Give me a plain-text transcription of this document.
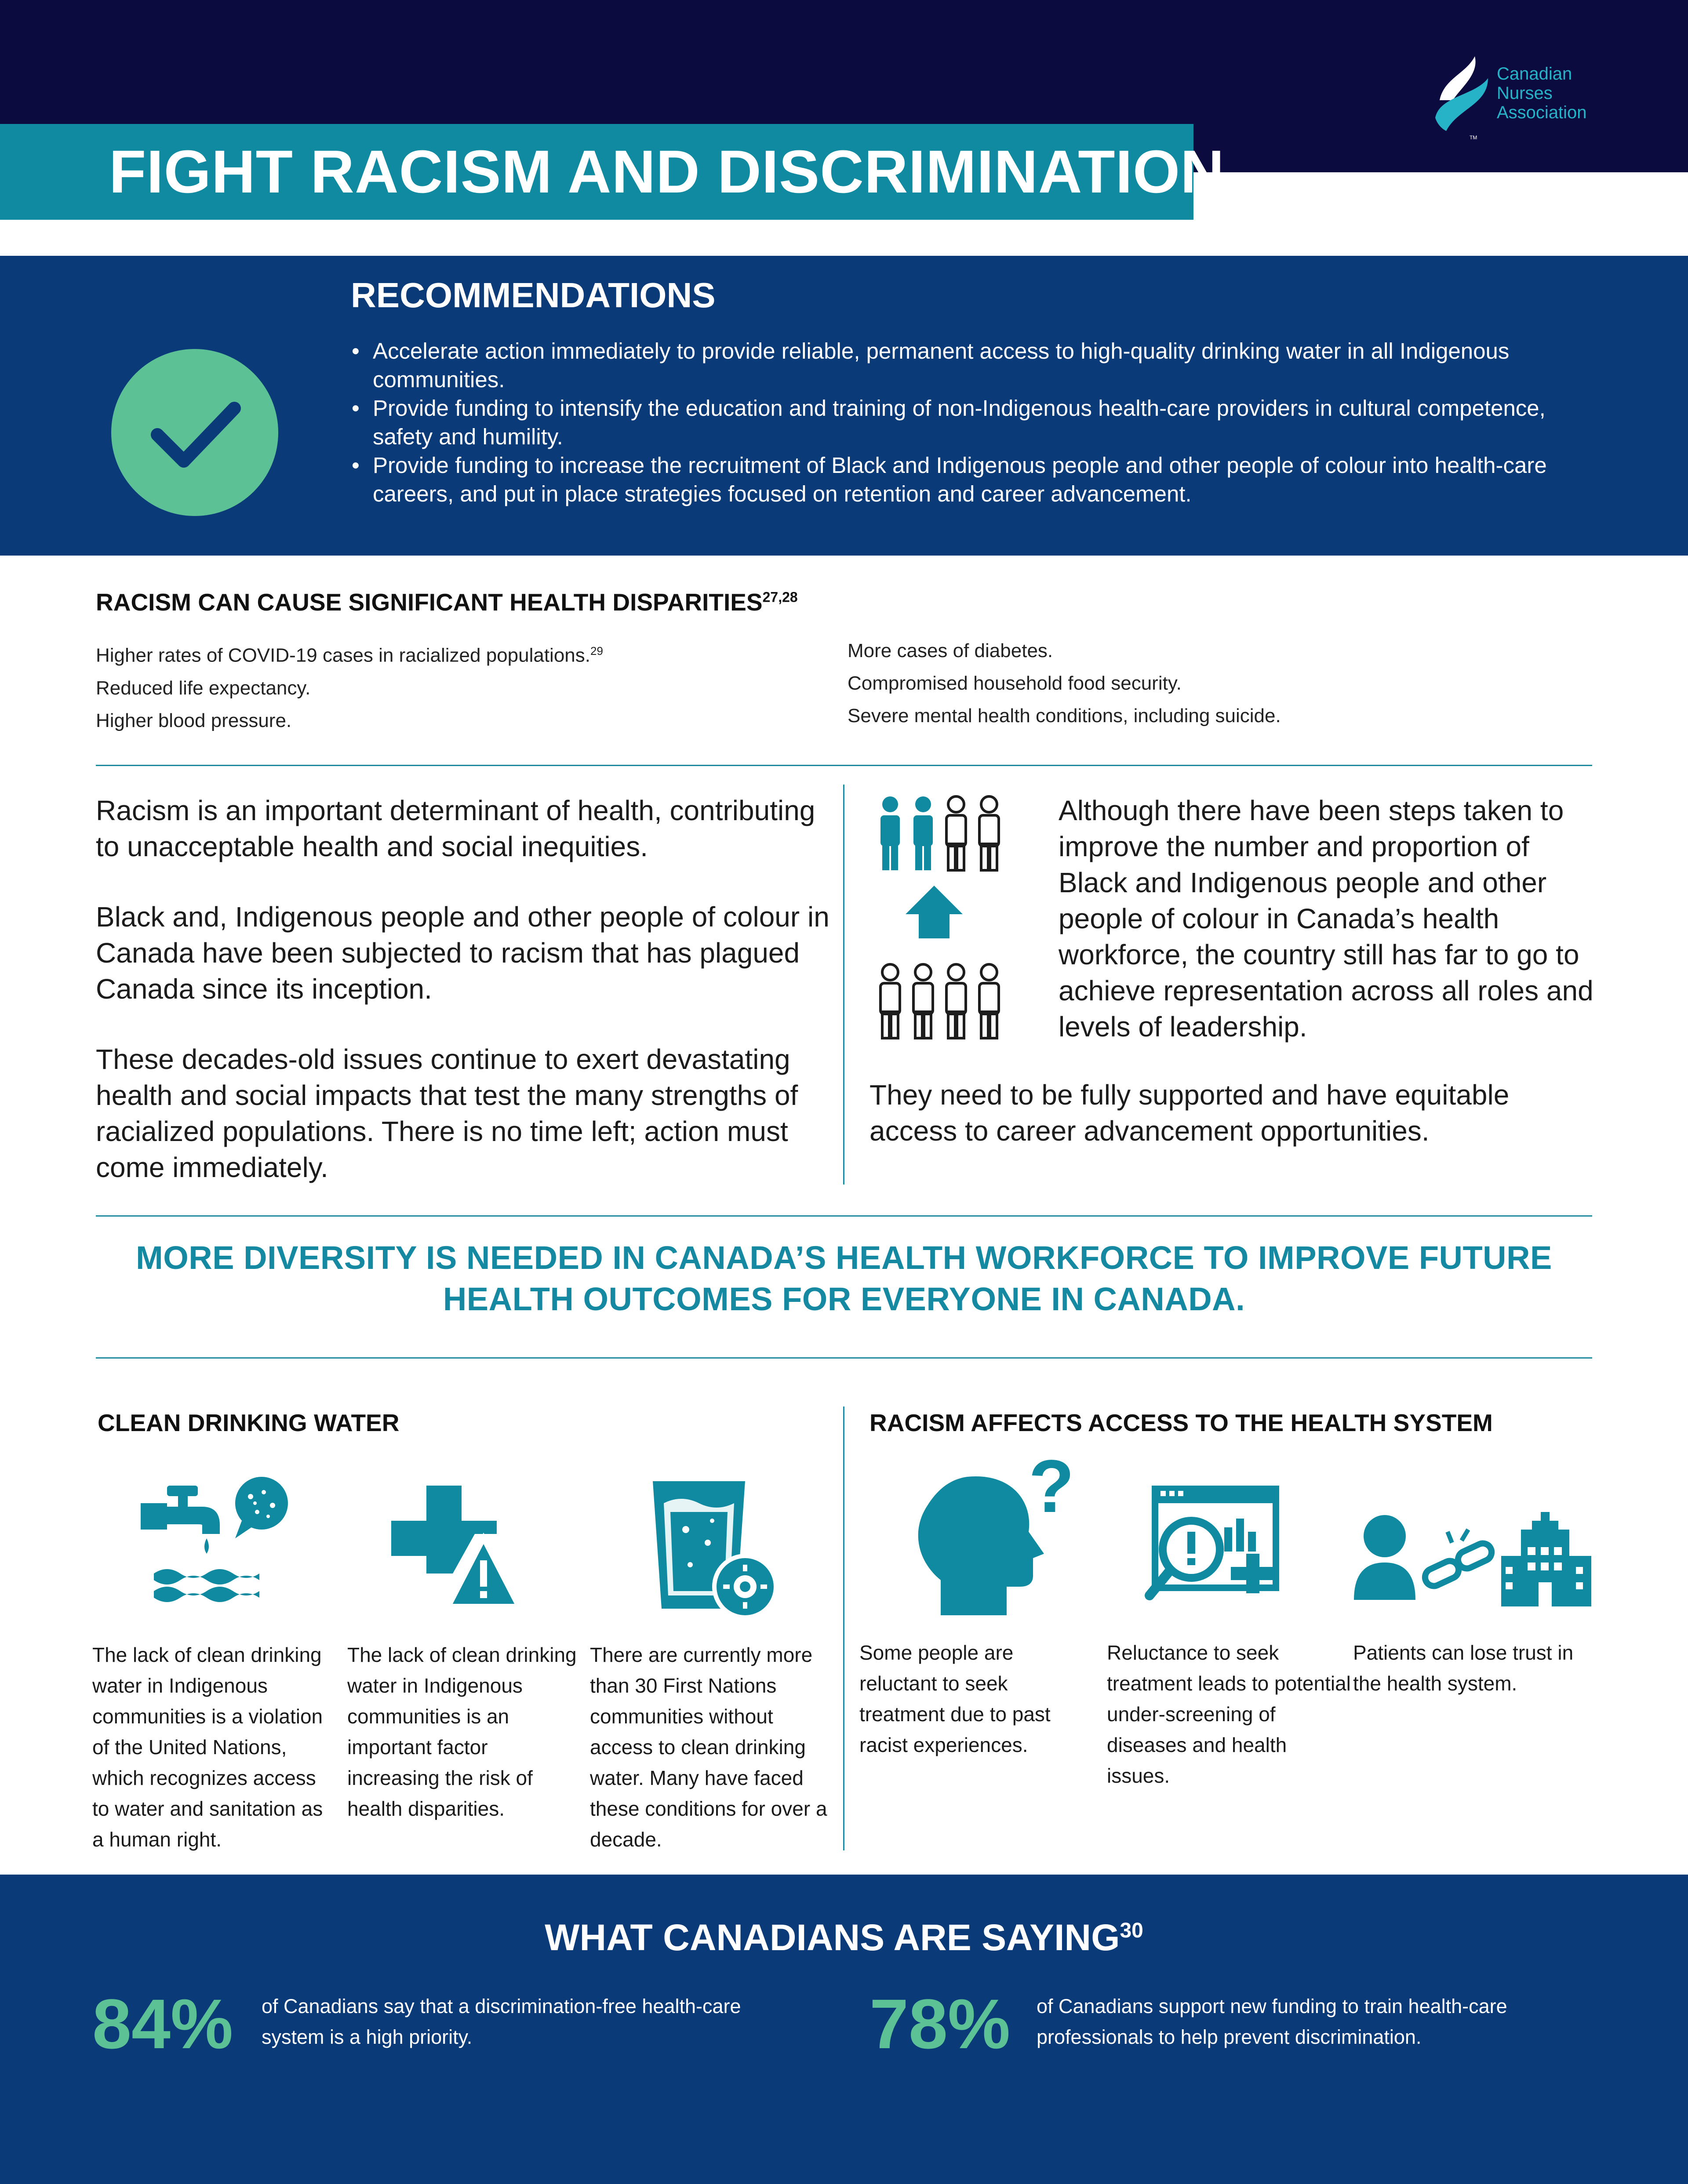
FIGHT RACISM AND DISCRIMINATION
Canadian
Nurses
Association
TM
RECOMMENDATIONS
• Accelerate action immediately to provide reliable, permanent access to high-quality drinking water in all Indigenous communities.
• Provide funding to intensify the education and training of non-Indigenous health-care providers in cultural competence, safety and humility.
• Provide funding to increase the recruitment of Black and Indigenous people and other people of colour into health-care careers, and put in place strategies focused on retention and career advancement.
RACISM CAN CAUSE SIGNIFICANT HEALTH DISPARITIES$^{27,28}$
Higher rates of COVID-19 cases in racialized populations.$^{29}$
Reduced life expectancy.
Higher blood pressure.
More cases of diabetes.
Compromised household food security.
Severe mental health conditions, including suicide.

Racism is an important determinant of health, contributing to unacceptable health and social inequities.

Black and, Indigenous people and other people of colour in Canada have been subjected to racism that has plagued Canada since its inception.

These decades-old issues continue to exert devastating health and social impacts that test the many strengths of racialized populations. There is no time left; action must come immediately.

Although there have been steps taken to improve the number and proportion of Black and Indigenous people and other people of colour in Canada’s health workforce, the country still has far to go to achieve representation across all roles and levels of leadership.
They need to be fully supported and have equitable access to career advancement opportunities.
MORE DIVERSITY IS NEEDED IN CANADA’S HEALTH WORKFORCE TO IMPROVE FUTURE
HEALTH OUTCOMES FOR EVERYONE IN CANADA.
CLEAN DRINKING WATER
The lack of clean drinking water in Indigenous communities is a violation of the United Nations, which recognizes access to water and sanitation as a human right.
The lack of clean drinking water in Indigenous communities is an important factor increasing the risk of health disparities.
There are currently more than 30 First Nations communities without access to clean drinking water. Many have faced these conditions for over a decade.
RACISM AFFECTS ACCESS TO THE HEALTH SYSTEM
?
Some people are reluctant to seek treatment due to past racist experiences.
Reluctance to seek treatment leads to potential under-screening of diseases and health issues.
Patients can lose trust in the health system.
WHAT CANADIANS ARE SAYING$^{30}$
84% of Canadians say that a discrimination-free health-care system is a high priority.	78% of Canadians support new funding to train health-care professionals to help prevent discrimination.
